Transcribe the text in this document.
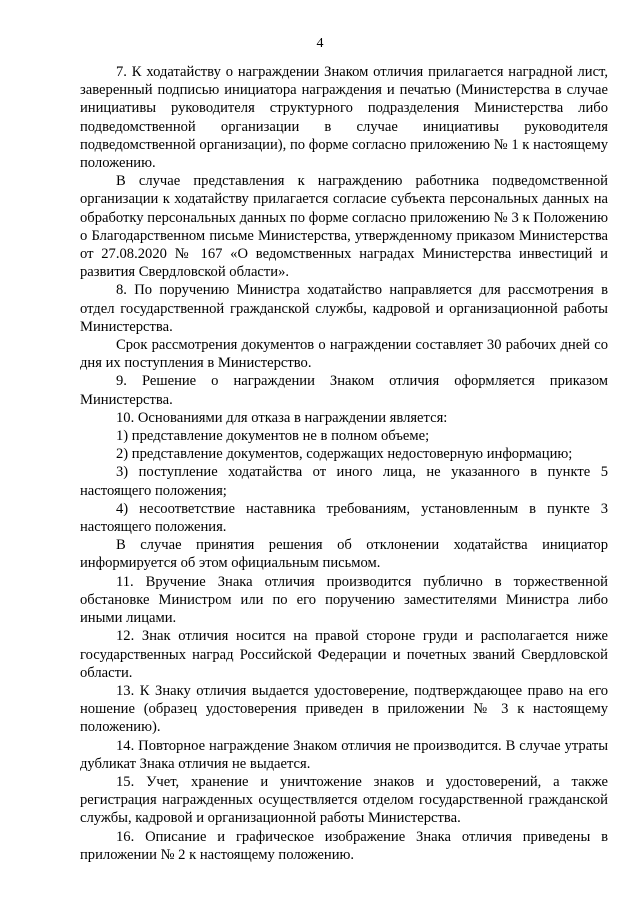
4

7. К ходатайству о награждении Знаком отличия прилагается наградной лист, заверенный подписью инициатора награждения и печатью (Министерства в случае инициативы руководителя структурного подразделения Министерства либо подведомственной организации в случае инициативы руководителя подведомственной организации), по форме согласно приложению № 1 к настоящему положению.

В случае представления к награждению работника подведомственной организации к ходатайству прилагается согласие субъекта персональных данных на обработку персональных данных по форме согласно приложению № 3 к Положению о Благодарственном письме Министерства, утвержденному приказом Министерства от 27.08.2020 № 167 «О ведомственных наградах Министерства инвестиций и развития Свердловской области».

8. По поручению Министра ходатайство направляется для рассмотрения в отдел государственной гражданской службы, кадровой и организационной работы Министерства.

Срок рассмотрения документов о награждении составляет 30 рабочих дней со дня их поступления в Министерство.

9. Решение о награждении Знаком отличия оформляется приказом Министерства.

10. Основаниями для отказа в награждении является:

1) представление документов не в полном объеме;

2) представление документов, содержащих недостоверную информацию;

3) поступление ходатайства от иного лица, не указанного в пункте 5 настоящего положения;

4) несоответствие наставника требованиям, установленным в пункте 3 настоящего положения.

В случае принятия решения об отклонении ходатайства инициатор информируется об этом официальным письмом.

11. Вручение Знака отличия производится публично в торжественной обстановке Министром или по его поручению заместителями Министра либо иными лицами.

12. Знак отличия носится на правой стороне груди и располагается ниже государственных наград Российской Федерации и почетных званий Свердловской области.

13. К Знаку отличия выдается удостоверение, подтверждающее право на его ношение (образец удостоверения приведен в приложении № 3 к настоящему положению).

14. Повторное награждение Знаком отличия не производится. В случае утраты дубликат Знака отличия не выдается.

15. Учет, хранение и уничтожение знаков и удостоверений, а также регистрация награжденных осуществляется отделом государственной гражданской службы, кадровой и организационной работы Министерства.

16. Описание и графическое изображение Знака отличия приведены в приложении № 2 к настоящему положению.
